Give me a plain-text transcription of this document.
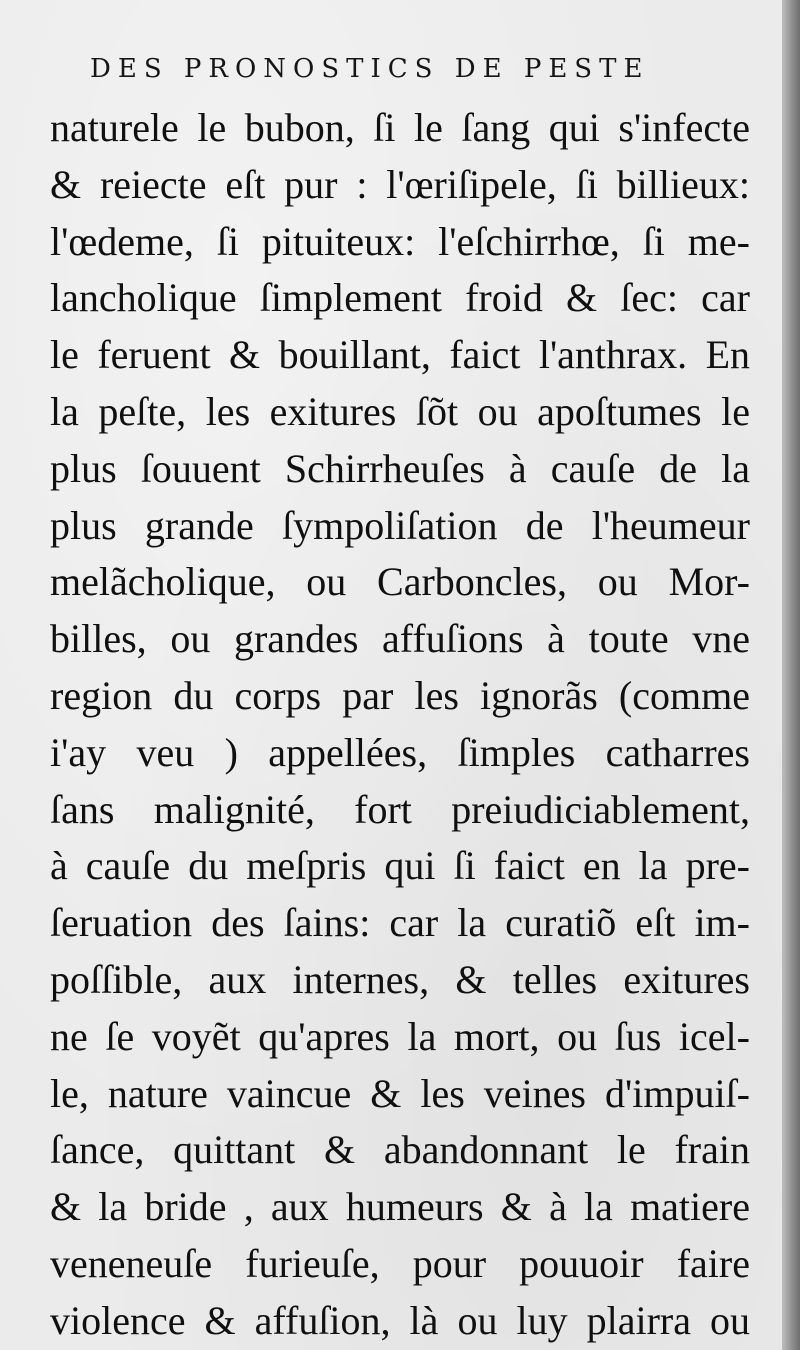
DES PRONOSTICS DE PESTE
naturele le bubon, ſi le ſang qui s'infecte
& reiecte eſt pur : l'œriſipele, ſi billieux:
l'œdeme, ſi pituiteux: l'eſchirrhœ, ſi me-
lancholique ſimplement froid & ſec: car
le feruent & bouillant, faict l'anthrax. En
la peſte, les exitures ſõt ou apoſtumes le
plus ſouuent Schirrheuſes à cauſe de la
plus grande ſympoliſation de l'heumeur
melãcholique, ou Carboncles, ou Mor-
billes, ou grandes affuſions à toute vne
region du corps par les ignorãs (comme
i'ay veu ) appellées, ſimples catharres
ſans malignité, fort preiudiciablement,
à cauſe du meſpris qui ſi faict en la pre-
ſeruation des ſains: car la curatiõ eſt im-
poſſible, aux internes, & telles exitures
ne ſe voyẽt qu'apres la mort, ou ſus icel-
le, nature vaincue & les veines d'impuiſ-
ſance, quittant & abandonnant le frain
& la bride , aux humeurs & à la matiere
veneneuſe furieuſe, pour pouuoir faire
violence & affuſion, là ou luy plairra ou
